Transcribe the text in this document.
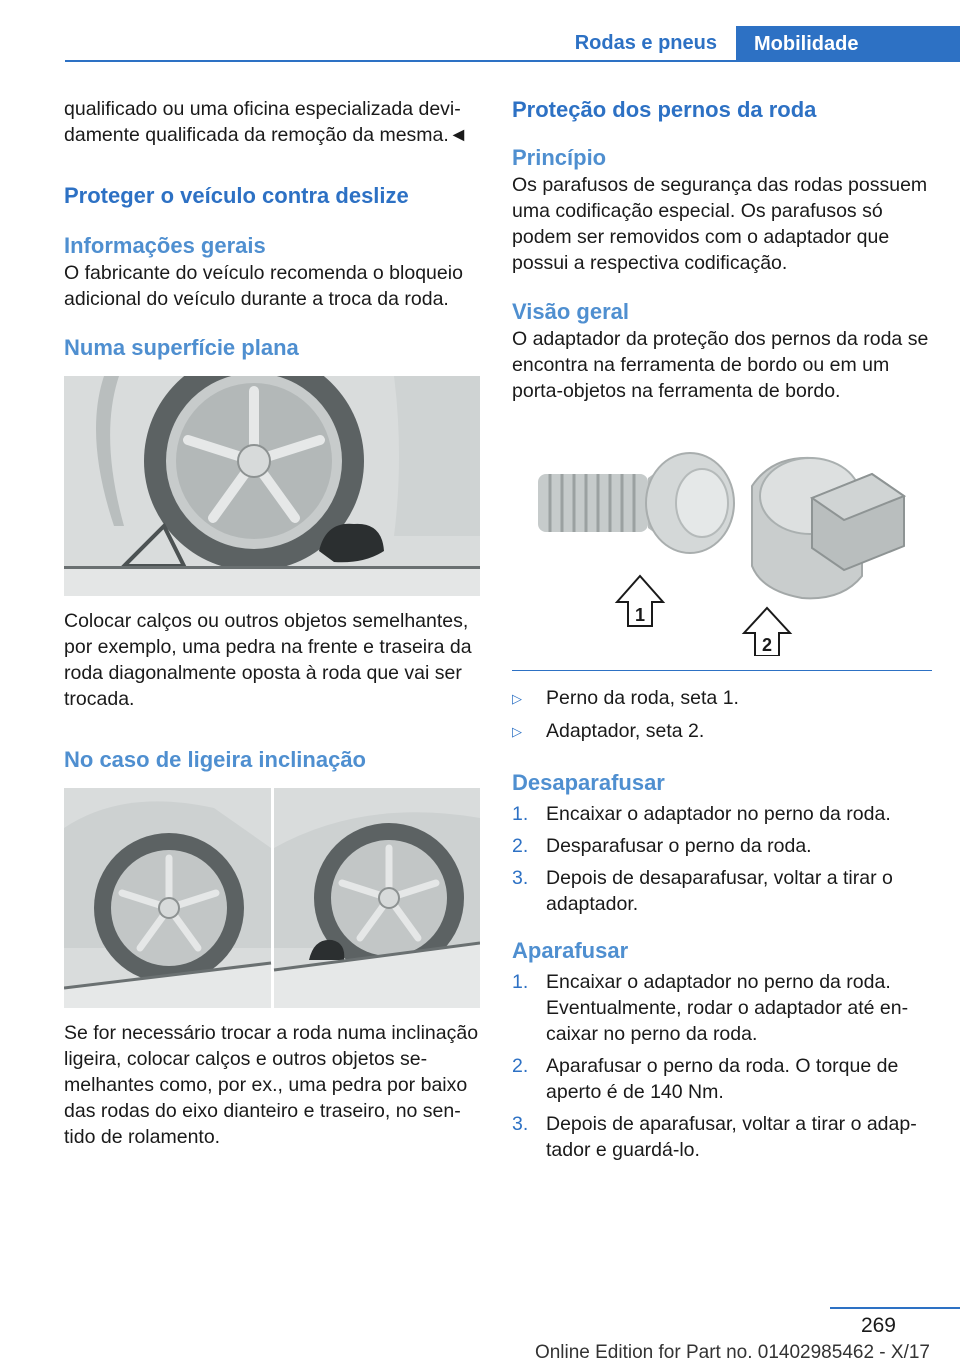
Rodas e pneus	Mobilidade

qualificado ou uma oficina especializada devidamente qualificada da remoção da mesma.◄

Proteger o veículo contra deslize
Informações gerais

O fabricante do veículo recomenda o bloqueio adicional do veículo durante a troca da roda.

Numa superfície plana

Colocar calços ou outros objetos semelhantes, por exemplo, uma pedra na frente e traseira da roda diagonalmente oposta à roda que vai ser trocada.

No caso de ligeira inclinação

Se for necessário trocar a roda numa inclinação ligeira, colocar calços e outros objetos semelhantes como, por ex., uma pedra por baixo das rodas do eixo dianteiro e traseiro, no sentido de rolamento.

Proteção dos pernos da roda
Princípio

Os parafusos de segurança das rodas possuem uma codificação especial. Os parafusos só podem ser removidos com o adaptador que possui a respectiva codificação.

Visão geral

O adaptador da proteção dos pernos da roda se encontra na ferramenta de bordo ou em um porta-objetos na ferramenta de bordo.

1
2
▷	Perno da roda, seta 1.
▷	Adaptador, seta 2.
Desaparafusar
1. Encaixar o adaptador no perno da roda.
2. Desparafusar o perno da roda.
3. Depois de desaparafusar, voltar a tirar o adaptador.
Aparafusar
1. Encaixar o adaptador no perno da roda. Eventualmente, rodar o adaptador até encaixar no perno da roda.
2. Aparafusar o perno da roda. O torque de aperto é de 140 Nm.
3. Depois de aparafusar, voltar a tirar o adaptador e guardá-lo.
269
Online Edition for Part no. 01402985462 - X/17
